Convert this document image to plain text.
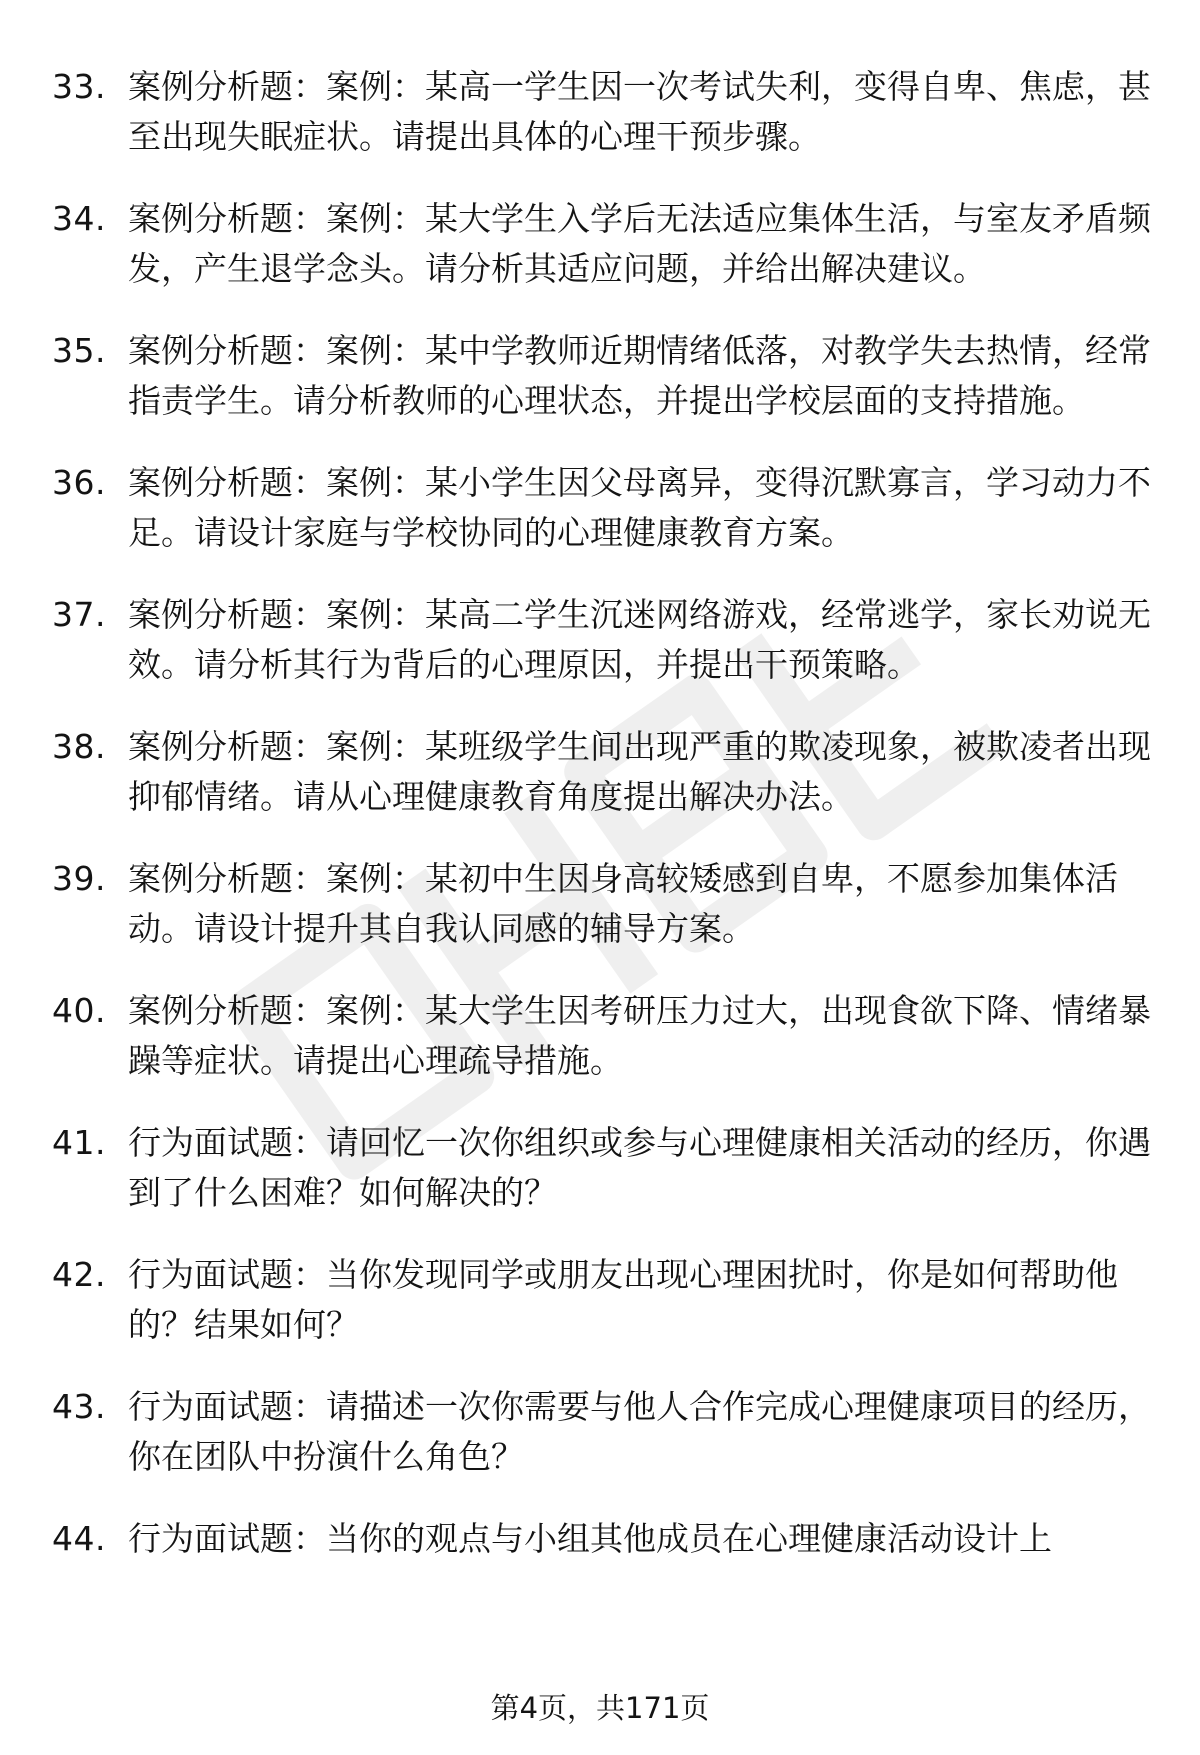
33. 案例分析题：案例：某高一学生因一次考试失利，变得自卑、焦虑，甚至出现失眠症状。请提出具体的心理干预步骤。
34. 案例分析题：案例：某大学生入学后无法适应集体生活，与室友矛盾频发，产生退学念头。请分析其适应问题，并给出解决建议。
35. 案例分析题：案例：某中学教师近期情绪低落，对教学失去热情，经常指责学生。请分析教师的心理状态，并提出学校层面的支持措施。
36. 案例分析题：案例：某小学生因父母离异，变得沉默寡言，学习动力不足。请设计家庭与学校协同的心理健康教育方案。
37. 案例分析题：案例：某高二学生沉迷网络游戏，经常逃学，家长劝说无效。请分析其行为背后的心理原因，并提出干预策略。
38. 案例分析题：案例：某班级学生间出现严重的欺凌现象，被欺凌者出现抑郁情绪。请从心理健康教育角度提出解决办法。
39. 案例分析题：案例：某初中生因身高较矮感到自卑，不愿参加集体活动。请设计提升其自我认同感的辅导方案。
40. 案例分析题：案例：某大学生因考研压力过大，出现食欲下降、情绪暴躁等症状。请提出心理疏导措施。
41. 行为面试题：请回忆一次你组织或参与心理健康相关活动的经历，你遇到了什么困难？如何解决的？
42. 行为面试题：当你发现同学或朋友出现心理困扰时，你是如何帮助他的？结果如何？
43. 行为面试题：请描述一次你需要与他人合作完成心理健康项目的经历，你在团队中扮演什么角色？
44. 行为面试题：当你的观点与小组其他成员在心理健康活动设计上
第4页，共171页
